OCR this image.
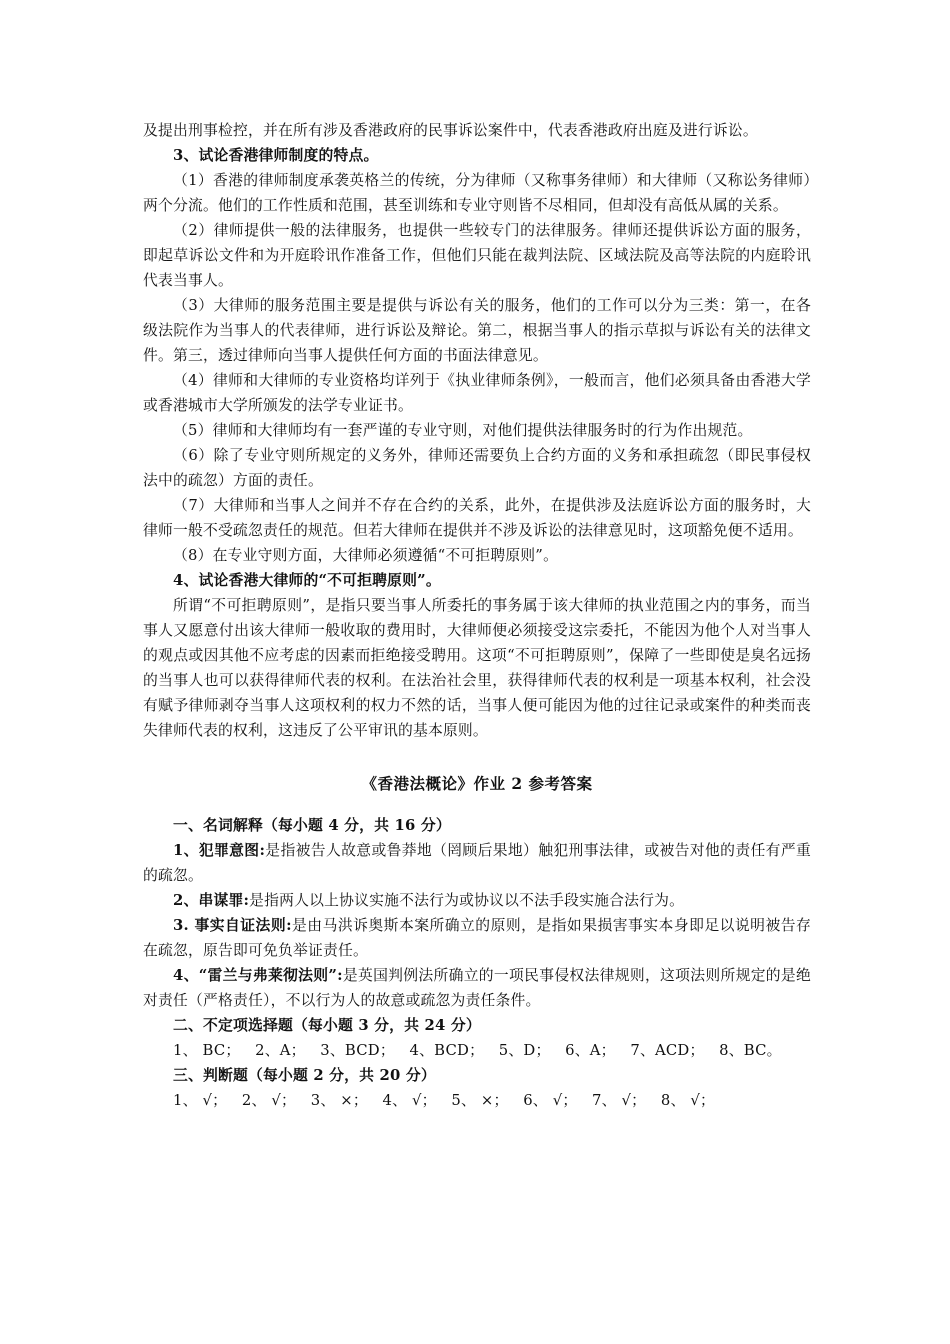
及提出刑事检控，并在所有涉及香港政府的民事诉讼案件中，代表香港政府出庭及进行诉讼。

3、试论香港律师制度的特点。

（1）香港的律师制度承袭英格兰的传统，分为律师（又称事务律师）和大律师（又称讼务律师）两个分流。他们的工作性质和范围，甚至训练和专业守则皆不尽相同，但却没有高低从属的关系。

（2）律师提供一般的法律服务，也提供一些较专门的法律服务。律师还提供诉讼方面的服务，即起草诉讼文件和为开庭聆讯作准备工作，但他们只能在裁判法院、区域法院及高等法院的内庭聆讯代表当事人。

（3）大律师的服务范围主要是提供与诉讼有关的服务，他们的工作可以分为三类：第一，在各级法院作为当事人的代表律师，进行诉讼及辩论。第二，根据当事人的指示草拟与诉讼有关的法律文件。第三，透过律师向当事人提供任何方面的书面法律意见。

（4）律师和大律师的专业资格均详列于《执业律师条例》，一般而言，他们必须具备由香港大学或香港城市大学所颁发的法学专业证书。

（5）律师和大律师均有一套严谨的专业守则，对他们提供法律服务时的行为作出规范。

（6）除了专业守则所规定的义务外，律师还需要负上合约方面的义务和承担疏忽（即民事侵权法中的疏忽）方面的责任。

（7）大律师和当事人之间并不存在合约的关系，此外，在提供涉及法庭诉讼方面的服务时，大律师一般不受疏忽责任的规范。但若大律师在提供并不涉及诉讼的法律意见时，这项豁免便不适用。

（8）在专业守则方面，大律师必须遵循“不可拒聘原则”。

4、试论香港大律师的“不可拒聘原则”。

所谓“不可拒聘原则”，是指只要当事人所委托的事务属于该大律师的执业范围之内的事务，而当事人又愿意付出该大律师一般收取的费用时，大律师便必须接受这宗委托，不能因为他个人对当事人的观点或因其他不应考虑的因素而拒绝接受聘用。这项“不可拒聘原则”，保障了一些即使是臭名远扬的当事人也可以获得律师代表的权利。在法治社会里，获得律师代表的权利是一项基本权利，社会没有赋予律师剥夺当事人这项权利的权力不然的话，当事人便可能因为他的过往记录或案件的种类而丧失律师代表的权利，这违反了公平审讯的基本原则。

《香港法概论》作业 2 参考答案

一、名词解释（每小题 4 分，共 16 分）

1、犯罪意图:是指被告人故意或鲁莽地（罔顾后果地）触犯刑事法律，或被告对他的责任有严重的疏忽。

2、串谋罪:是指两人以上协议实施不法行为或协议以不法手段实施合法行为。

3. 事实自证法则:是由马洪诉奥斯本案所确立的原则，是指如果损害事实本身即足以说明被告存在疏忽，原告即可免负举证责任。

4、“雷兰与弗莱彻法则”:是英国判例法所确立的一项民事侵权法律规则，这项法则所规定的是绝对责任（严格责任），不以行为人的故意或疏忽为责任条件。

二、不定项选择题（每小题 3 分，共 24 分）

1、 BC；   2、A；   3、BCD；   4、BCD；   5、D；   6、A；   7、ACD；   8、BC。

三、判断题（每小题 2 分，共 20 分）

1、 √；   2、 √；   3、 ×；   4、 √；   5、 ×；   6、 √；   7、 √；   8、 √；
